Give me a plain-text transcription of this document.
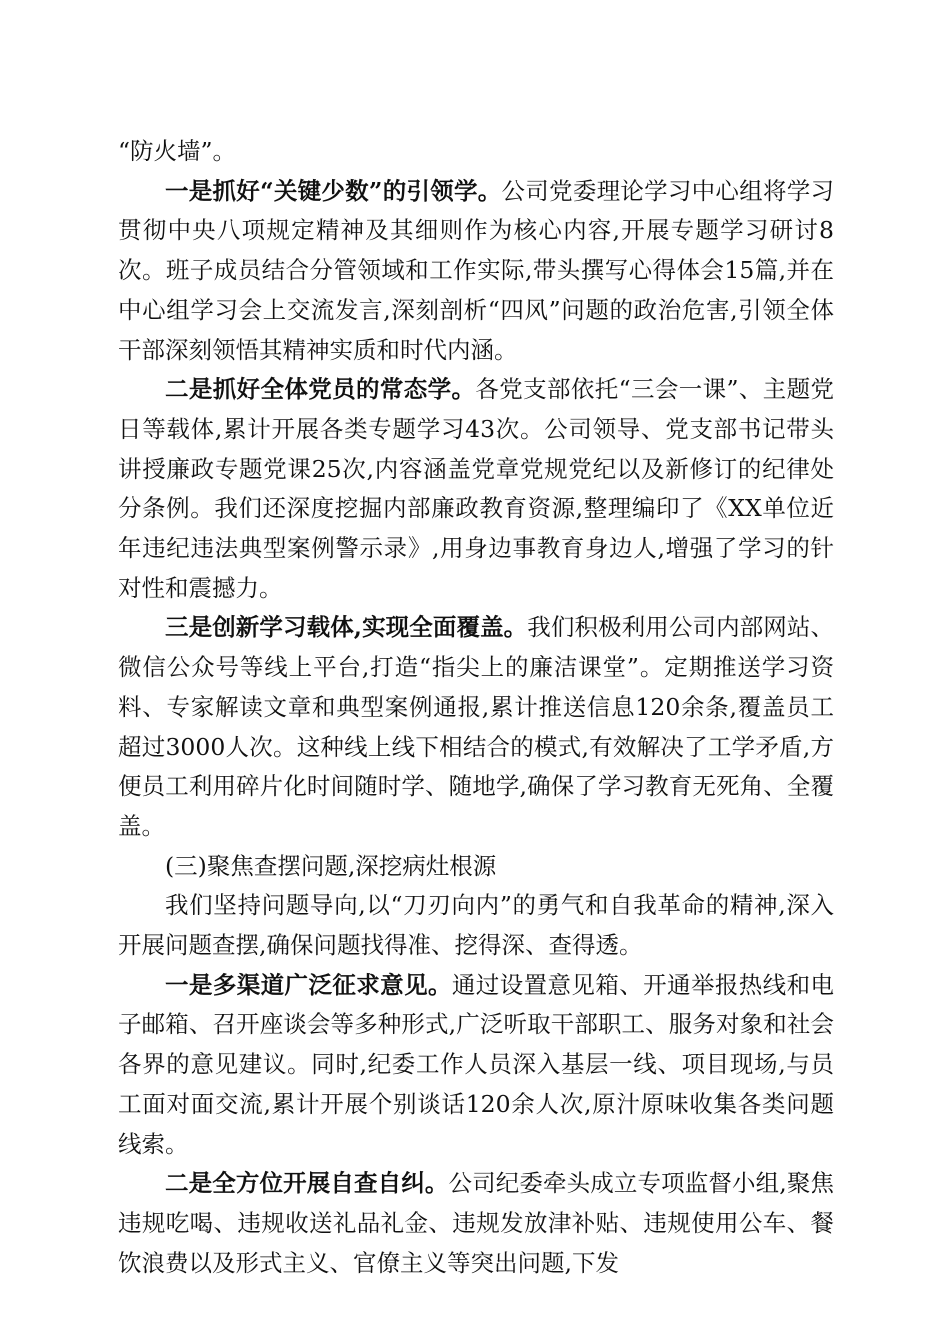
“防火墙”。

一是抓好“关键少数”的引领学。公司党委理论学习中心组将学习贯彻中央八项规定精神及其细则作为核心内容,开展专题学习研讨8次。班子成员结合分管领域和工作实际,带头撰写心得体会15篇,并在中心组学习会上交流发言,深刻剖析“四风”问题的政治危害,引领全体干部深刻领悟其精神实质和时代内涵。

二是抓好全体党员的常态学。各党支部依托“三会一课”、主题党日等载体,累计开展各类专题学习43次。公司领导、党支部书记带头讲授廉政专题党课25次,内容涵盖党章党规党纪以及新修订的纪律处分条例。我们还深度挖掘内部廉政教育资源,整理编印了《XX单位近年违纪违法典型案例警示录》,用身边事教育身边人,增强了学习的针对性和震撼力。

三是创新学习载体,实现全面覆盖。我们积极利用公司内部网站、微信公众号等线上平台,打造“指尖上的廉洁课堂”。定期推送学习资料、专家解读文章和典型案例通报,累计推送信息120余条,覆盖员工超过3000人次。这种线上线下相结合的模式,有效解决了工学矛盾,方便员工利用碎片化时间随时学、随地学,确保了学习教育无死角、全覆盖。

(三)聚焦查摆问题,深挖病灶根源

我们坚持问题导向,以“刀刃向内”的勇气和自我革命的精神,深入开展问题查摆,确保问题找得准、挖得深、查得透。

一是多渠道广泛征求意见。通过设置意见箱、开通举报热线和电子邮箱、召开座谈会等多种形式,广泛听取干部职工、服务对象和社会各界的意见建议。同时,纪委工作人员深入基层一线、项目现场,与员工面对面交流,累计开展个别谈话120余人次,原汁原味收集各类问题线索。

二是全方位开展自查自纠。公司纪委牵头成立专项监督小组,聚焦违规吃喝、违规收送礼品礼金、违规发放津补贴、违规使用公车、餐饮浪费以及形式主义、官僚主义等突出问题,下发
